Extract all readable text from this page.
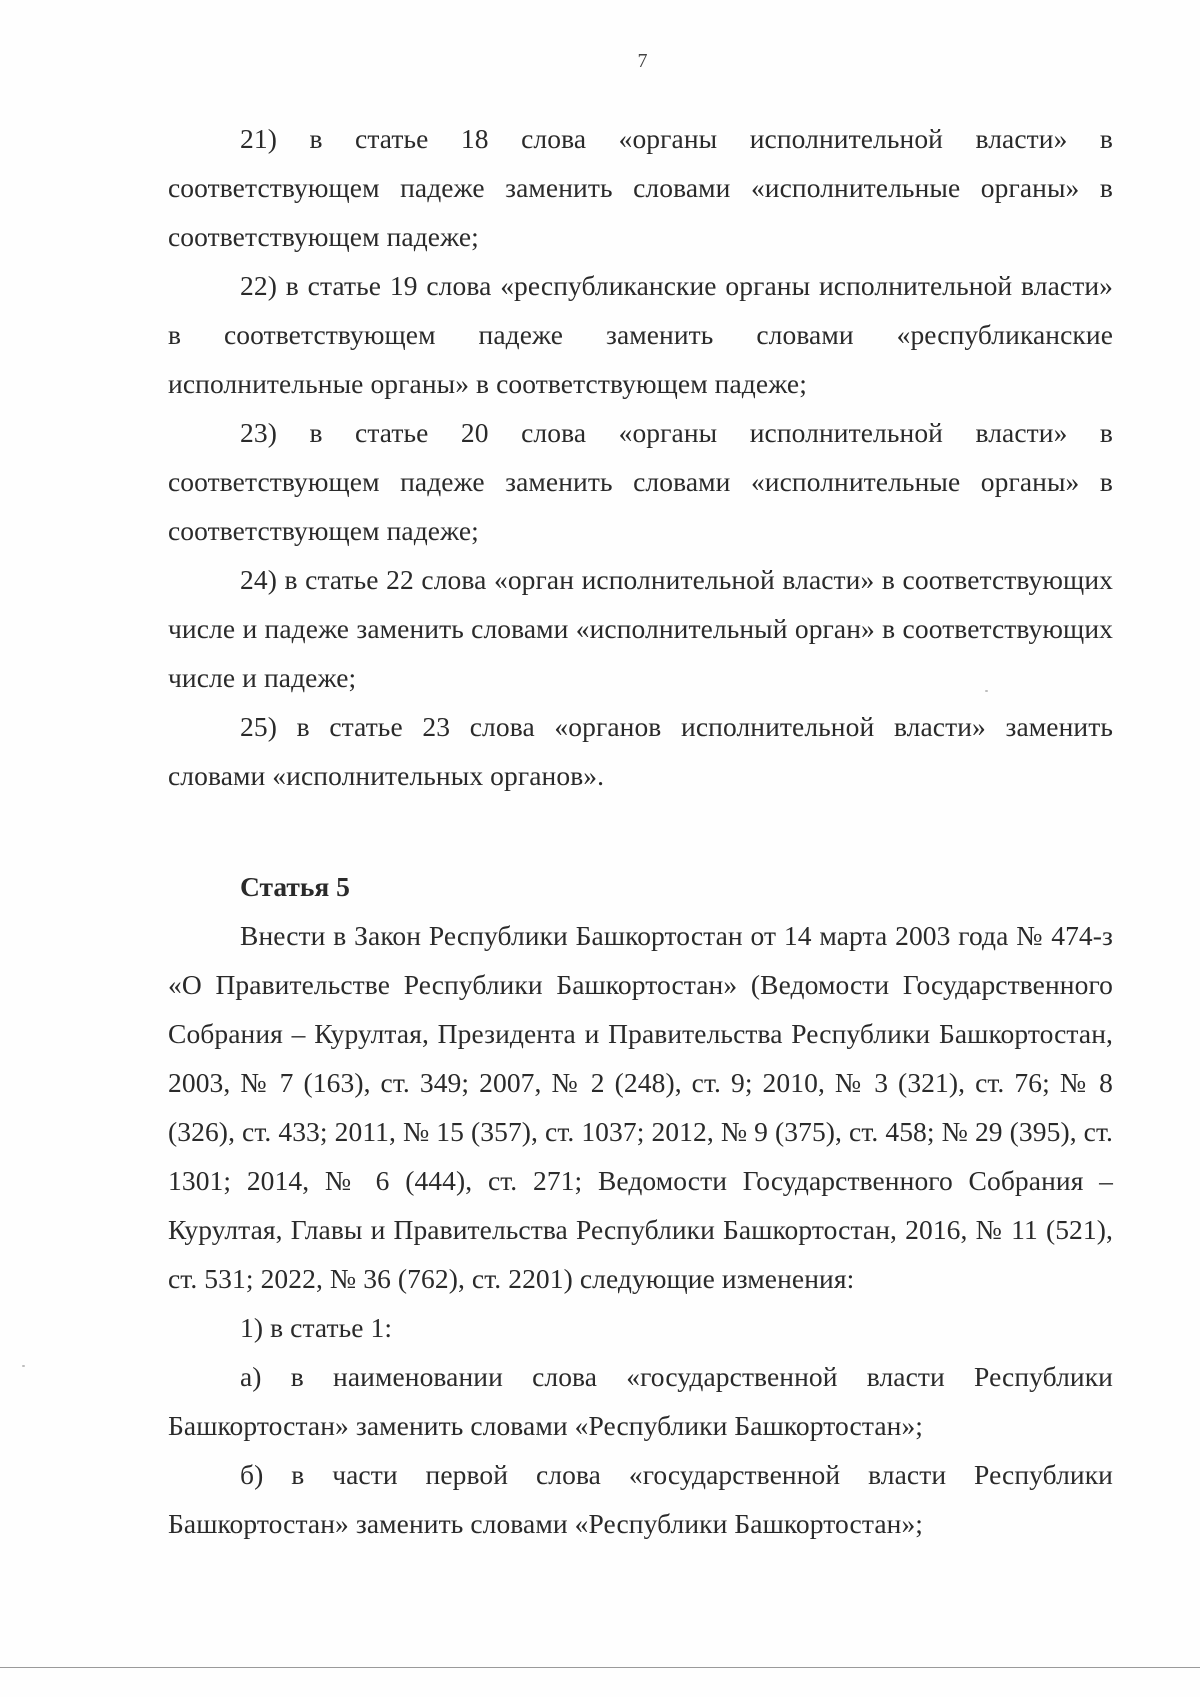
7

21) в статье 18 слова «органы исполнительной власти» в соответствующем падеже заменить словами «исполнительные органы» в соответствующем падеже;

22) в статье 19 слова «республиканские органы исполнительной власти» в соответствующем падеже заменить словами «республиканские исполнительные органы» в соответствующем падеже;

23) в статье 20 слова «органы исполнительной власти» в соответствующем падеже заменить словами «исполнительные органы» в соответствующем падеже;

24) в статье 22 слова «орган исполнительной власти» в соответствующих числе и падеже заменить словами «исполнительный орган» в соответствующих числе и падеже;

25) в статье 23 слова «органов исполнительной власти» заменить словами «исполнительных органов».

Статья 5

Внести в Закон Республики Башкортостан от 14 марта 2003 года № 474-з «О Правительстве Республики Башкортостан» (Ведомости Государственного Собрания – Курултая, Президента и Правительства Республики Башкортостан, 2003, № 7 (163), ст. 349; 2007, № 2 (248), ст. 9; 2010, № 3 (321), ст. 76; № 8 (326), ст. 433; 2011, № 15 (357), ст. 1037; 2012, № 9 (375), ст. 458; № 29 (395), ст. 1301; 2014, № 6 (444), ст. 271; Ведомости Государственного Собрания – Курултая, Главы и Правительства Республики Башкортостан, 2016, № 11 (521), ст. 531; 2022, № 36 (762), ст. 2201) следующие изменения:

1) в статье 1:

а) в наименовании слова «государственной власти Республики Башкортостан» заменить словами «Республики Башкортостан»;

б) в части первой слова «государственной власти Республики Башкортостан» заменить словами «Республики Башкортостан»;
